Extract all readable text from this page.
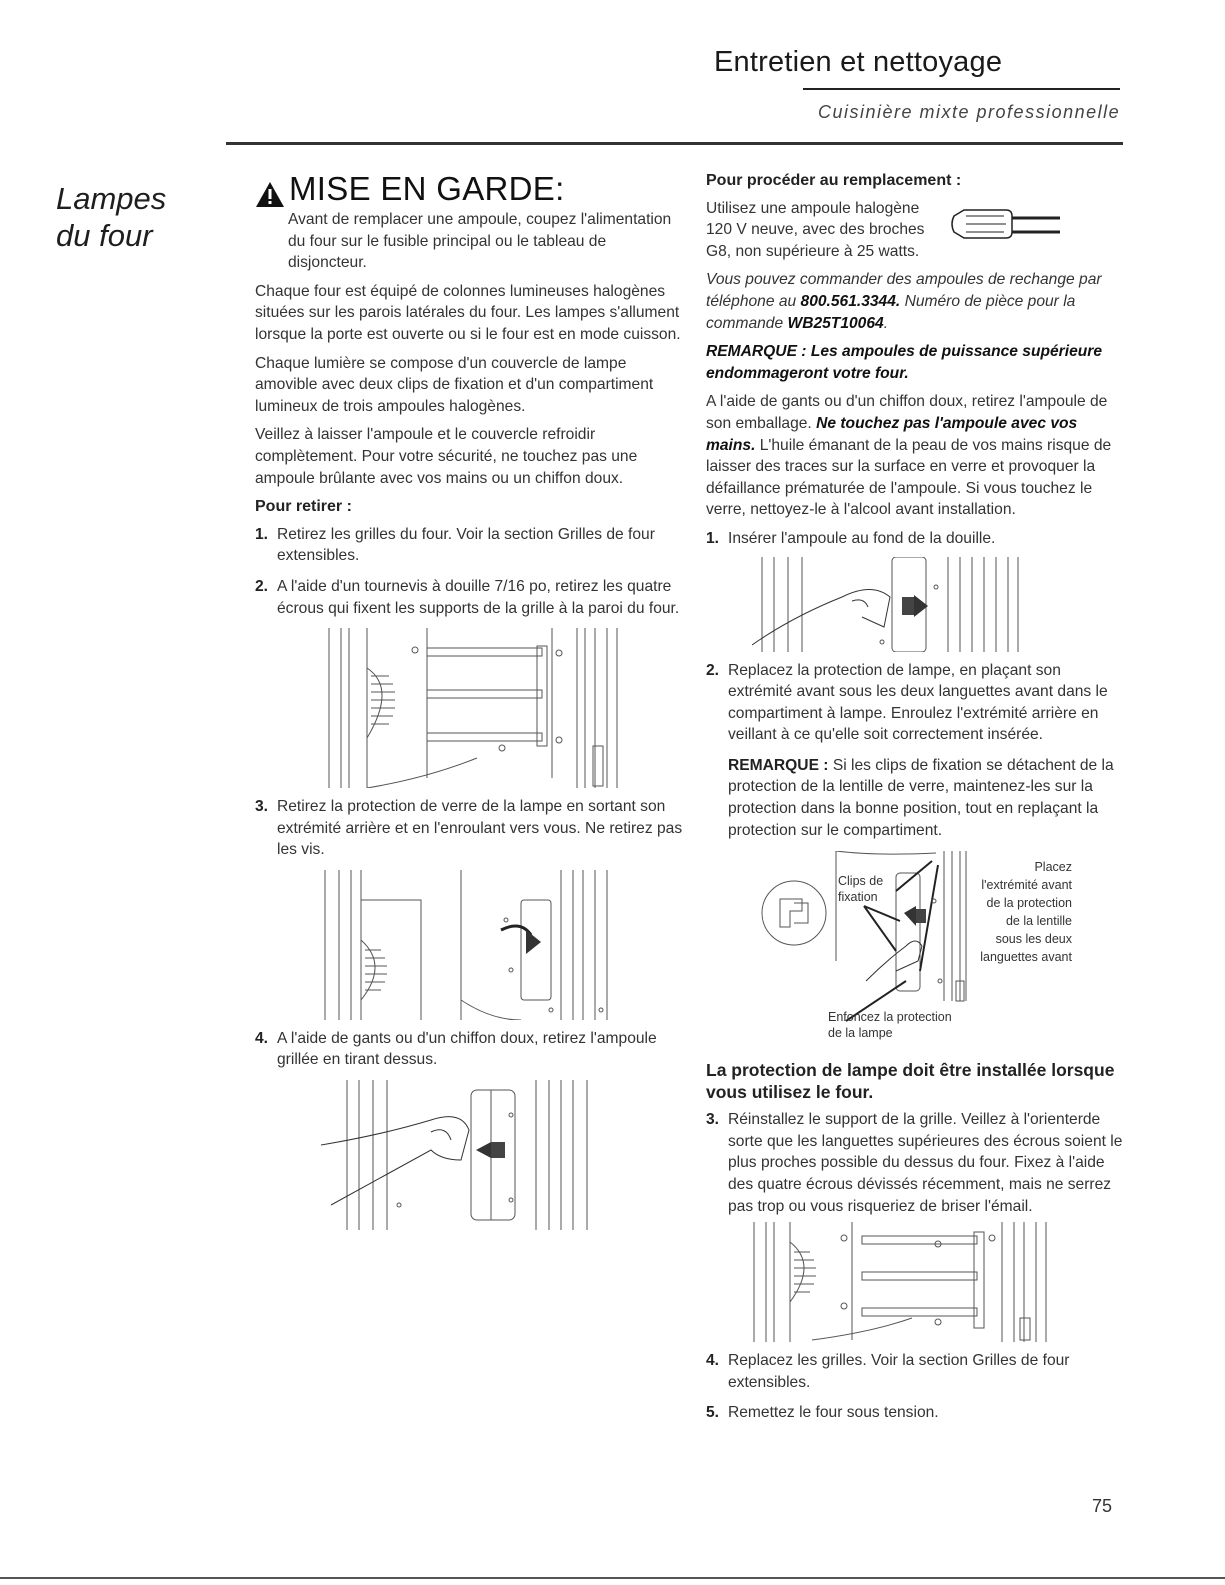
Entretien et nettoyage
Cuisinière mixte professionnelle
Lampes
du four
MISE EN GARDE:

Avant de remplacer une ampoule, coupez l'alimentation du four sur le fusible principal ou le tableau de disjoncteur.

Chaque four est équipé de colonnes lumineuses halogènes situées sur les parois latérales du four. Les lampes s'allument lorsque la porte est ouverte ou si le four est en mode cuisson.

Chaque lumière se compose d'un couvercle de lampe amovible avec deux clips de fixation et d'un compartiment lumineux de trois ampoules halogènes.

Veillez à laisser l'ampoule et le couvercle refroidir complètement. Pour votre sécurité, ne touchez pas une ampoule brûlante avec vos mains ou un chiffon doux.

Pour retirer :
1. Retirez les grilles du four. Voir la section Grilles de four extensibles.
2. A l'aide d'un tournevis à douille 7/16 po, retirez les quatre écrous qui fixent les supports de la grille à la paroi du four.
3. Retirez la protection de verre de la lampe en sortant son extrémité arrière et en l'enroulant vers vous. Ne retirez pas les vis.
4. A l'aide de gants ou d'un chiffon doux, retirez l'ampoule grillée en tirant dessus.
Pour procéder au remplacement :

Utilisez une ampoule halogène 120 V neuve, avec des broches G8, non supérieure à 25 watts.

Vous pouvez commander des ampoules de rechange par téléphone au 800.561.3344. Numéro de pièce pour la commande WB25T10064.

REMARQUE : Les ampoules de puissance supérieure endommageront votre four.

A l'aide de gants ou d'un chiffon doux, retirez l'ampoule de son emballage. Ne touchez pas l'ampoule avec vos mains. L'huile émanant de la peau de vos mains risque de laisser des traces sur la surface en verre et provoquer la défaillance prématurée de l'ampoule. Si vous touchez le verre, nettoyez-le à l'alcool avant installation.

1. Insérer l'ampoule au fond de la douille.
2. Replacez la protection de lampe, en plaçant son extrémité avant sous les deux languettes avant dans le compartiment à lampe. Enroulez l'extrémité arrière en veillant à ce qu'elle soit correctement insérée.

REMARQUE : Si les clips de fixation se détachent de la protection de la lentille de verre, maintenez-les sur la protection dans la bonne position, tout en replaçant la protection sur le compartiment.

Clips de
fixation
Placez
l'extrémité avant
de la protection
de la lentille
sous les deux
languettes avant
Enfoncez la protection
de la lampe
La protection de lampe doit être installée lorsque vous utilisez le four.
3. Réinstallez le support de la grille. Veillez à l'orienterde sorte que les languettes supérieures des écrous soient le plus proches possible du dessus du four. Fixez à l'aide des quatre écrous dévissés récemment, mais ne serrez pas trop ou vous risqueriez de briser l'émail.
4. Replacez les grilles. Voir la section Grilles de four extensibles.
5. Remettez le four sous tension.
75
